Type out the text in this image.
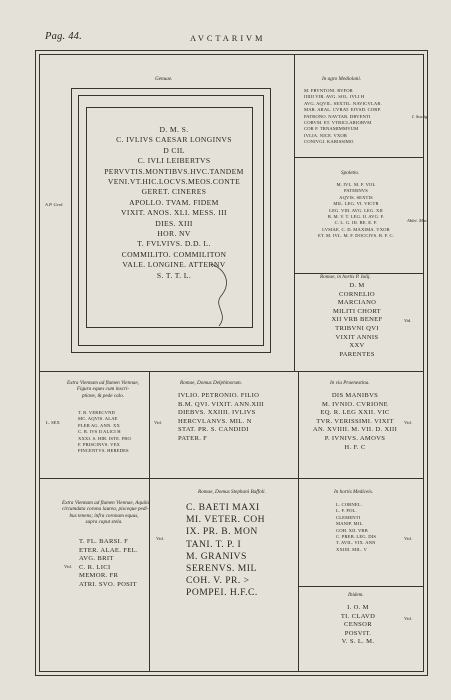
Pag. 44.	AVCTARIVM
Genuae.
A.P. Geol.
D. M. S.
C. IVLIVS CAESAR LONGINVS
D CIL
C. IVLI LEIBERTVS
PERVVTIS.MONTIBVS.HVC.TANDEM
VENI.VT.HIC.LOCVS.MEOS.CONTE
GERET. CINERES
APOLLO. TVAM. FIDEM
VIXIT. ANOS. XLI. MESS. III
DIES. XIII
HOR. NV
T. FVLVIVS. D.D. L.
COMMILITO. COMMILITON
VALE. LONGINE. ATTERNV
S. T. T. L.
In agro Mediolani.
I. Scalig.
M. FRVNTONI. RVFOR
IIIIII VIR. AVG. SOL. IVLI H
AVG. AQVIL. SEXTIL. NAVICVLAR.
MAR. ARAL. CVRAT. EIVSD. CORP.
PATRONO. NAVTAR. DRVENTI
CORVM. ET. VTRICLARIORVM
COR P. TRNAMIMMVUM
IVLIA. NICE. VXOR
CONIVGI. KARISSIMO
Spoletio.
Ablet. Mar.
M. IVL. M. F. VOL
PATERNVS
AQVIS. SEXTIS
MIL. LEG. VI. VICTR
LEG. VIII. AVG. LEG. XII
B. M. V. T. LEG. II. AVG. F.
C. L. G. III. BE. E. F.
LVSIAE. C. D. MAXIMA. VXOR
ET. M. IVL. M. F. DOCCIVS. B. F. C.
Romae, in hortis P. Iulij.
Vid.
D. M
CORNELIO
MARCIANO
MILITI CHORT
XII VRB BENEF
TRIBVNI QVI
VIXIT ANNIS
XXV
PARENTES
Extra Viennam ad flumen Viennae,
Figura eques cum inscri-
ptione, & pede calo.
L. SEX
T. B. VERECVND
MC. AQVIS. ALAE
PLEB AG. ANN. XX
C. B. IVS II ALICI H
XXXI. S. HIR. ISTE. FRO
F. PRISCINVS. VEX
PINCENTVS. HEREDES
Romae, Domus Delphinorum.
Vid.
IVLIO. PETRONIO. FILIO
B.M. QVI. VIXIT. ANN.XIII
DIEBVS. XXIIII. IVLIVS
HERCVLANVS. MIL. N
STAT. PR. S. CANDIDI
PATER. F
In via Praenestina.
Vid.
DIS MANIBVS
M. IVNIO. CVRIONE
EQ. R. LEG XXII. VIC
TVR. VERISSIMI. VIXIT
AN. XVIIII. M. VII. D. XIII
P. IVNIVS. AMOVS
H. F. C
Extra Viennam ad flumen Viennae, Aquila
circumdata corona laurea, pisceque pedi-
bus tenens; infra coronam equus,
supra caput stela.
Vid.
T. FL. BARSI. F
ETER. ALAE. FEL.
AVG. BRIT
C. R. LICI
MEMOR. FR
ATRI. SVO. POSIT
Romae, Domus Stephani Baffoli.
Vid.
C. BAETI MAXI
MI. VETER. COH
IX. PR. B. MON
TANI. T. P. I
M. GRANIVS
SERENVS. MIL
COH. V. PR. >
POMPEI. H.F.C.
In hortis Mediceis.
Vid.
L. CORNEL.
L. F. POL.
CLEMENTI
MANIP. MIL.
COH. XII. VRB
C. PREB. LEG. DIS
T. AVIL. VIX. ANN
XXIIII. MIL. V
Ibidem.
Vid.
I. O. M
TI. CLAVD
CENSOR
POSVIT.
V. S. L. M.
